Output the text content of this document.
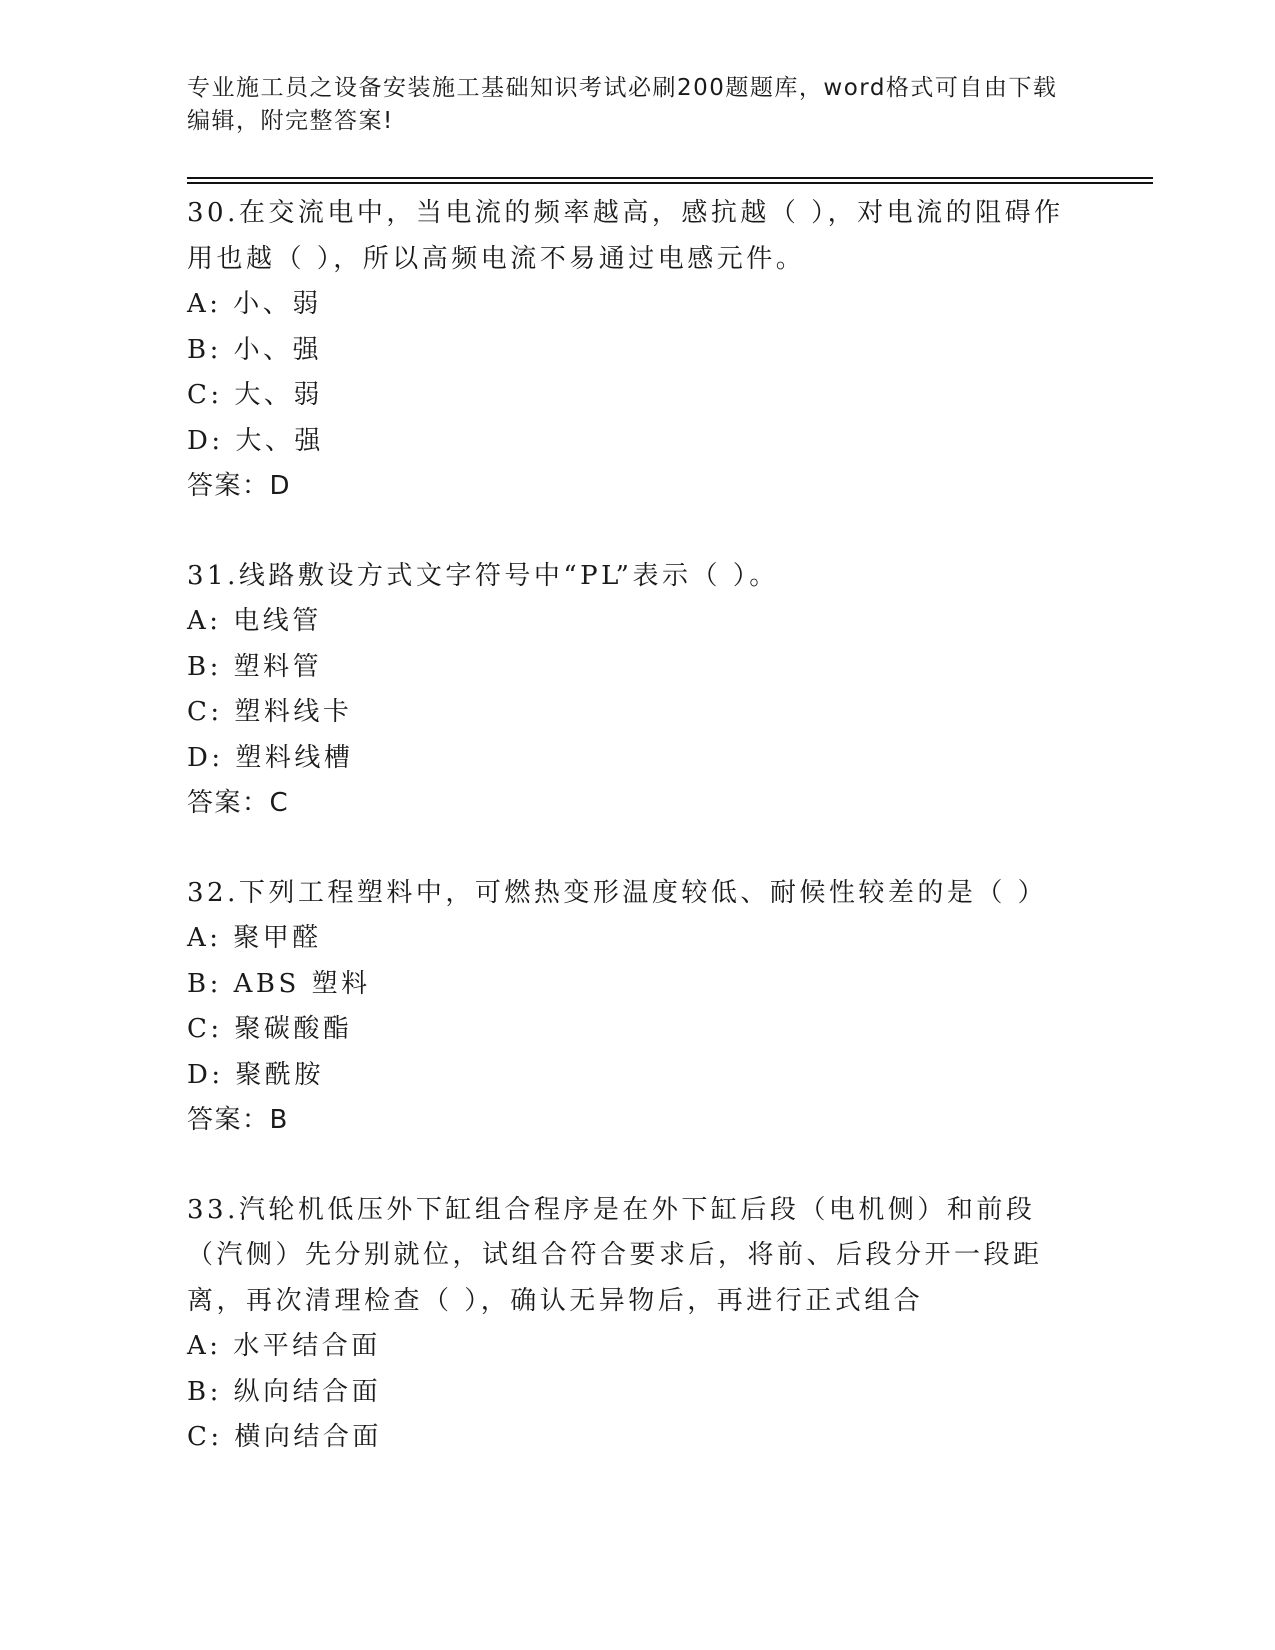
专业施工员之设备安装施工基础知识考试必刷200题题库，word格式可自由下载编辑，附完整答案!

30.在交流电中，当电流的频率越高，感抗越（ ），对电流的阻碍作用也越（ ），所以高频电流不易通过电感元件。

A: 小、弱

B: 小、强

C: 大、弱

D: 大、强

答案：D

31.线路敷设方式文字符号中“PL”表示（ ）。

A: 电线管

B: 塑料管

C: 塑料线卡

D: 塑料线槽

答案：C

32.下列工程塑料中，可燃热变形温度较低、耐候性较差的是（ ）

A: 聚甲醛

B: ABS 塑料

C: 聚碳酸酯

D: 聚酰胺

答案：B

33.汽轮机低压外下缸组合程序是在外下缸后段（电机侧）和前段（汽侧）先分别就位，试组合符合要求后，将前、后段分开一段距离，再次清理检查（ ），确认无异物后，再进行正式组合

A: 水平结合面

B: 纵向结合面

C: 横向结合面
